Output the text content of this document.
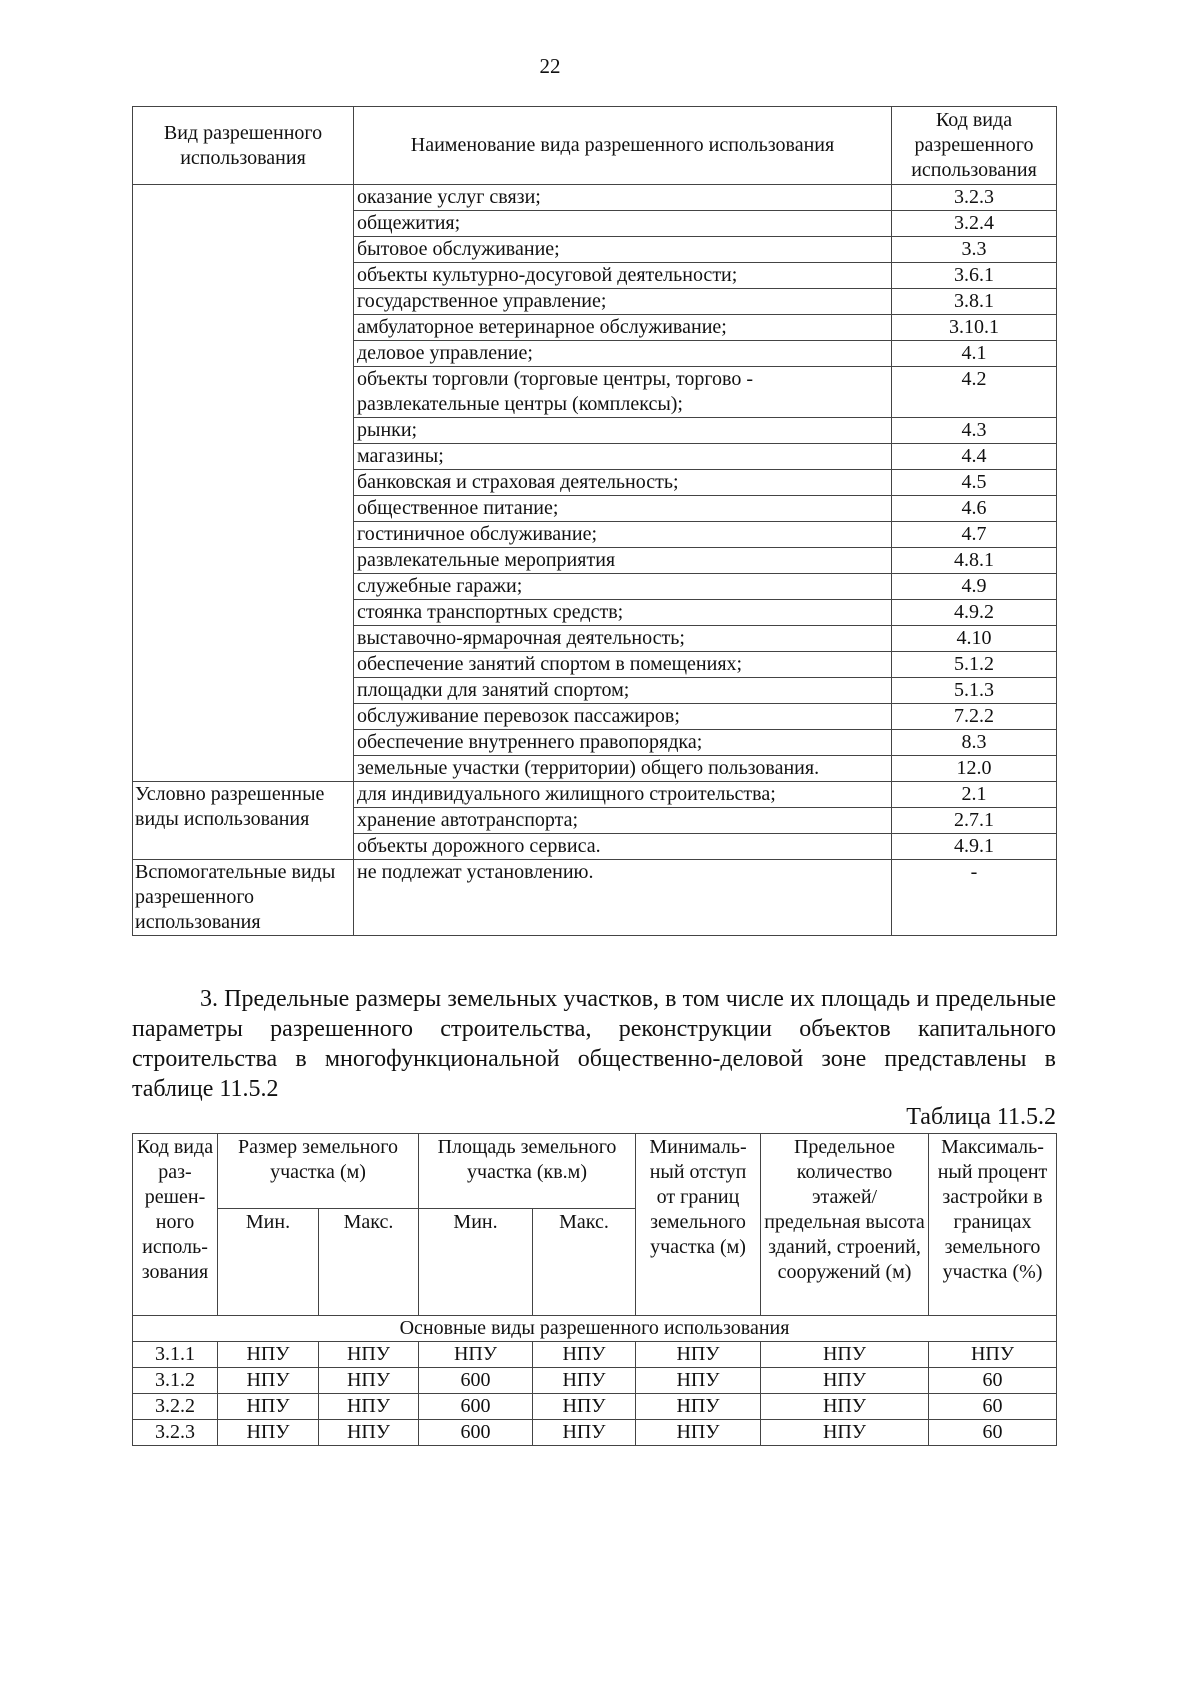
22
Вид разрешенного использования	Наименование вида разрешенного использования	Код вида разрешенного использования
	оказание услуг связи;	3.2.3
	общежития;	3.2.4
	бытовое обслуживание;	3.3
	объекты культурно-досуговой деятельности;	3.6.1
	государственное управление;	3.8.1
	амбулаторное ветеринарное обслуживание;	3.10.1
	деловое управление;	4.1
	объекты торговли (торговые центры, торгово - развлекательные центры (комплексы);	4.2
	рынки;	4.3
	магазины;	4.4
	банковская и страховая деятельность;	4.5
	общественное питание;	4.6
	гостиничное обслуживание;	4.7
	развлекательные мероприятия	4.8.1
	служебные гаражи;	4.9
	стоянка транспортных средств;	4.9.2
	выставочно-ярмарочная деятельность;	4.10
	обеспечение занятий спортом в помещениях;	5.1.2
	площадки для занятий спортом;	5.1.3
	обслуживание перевозок пассажиров;	7.2.2
	обеспечение внутреннего правопорядка;	8.3
	земельные участки (территории) общего пользования.	12.0
Условно разрешенные виды использования	для индивидуального жилищного строительства;	2.1
	хранение автотранспорта;	2.7.1
	объекты дорожного сервиса.	4.9.1
Вспомогательные виды разрешенного использования	не подлежат установлению.	-
3. Предельные размеры земельных участков, в том числе их площадь и предельные параметры разрешенного строительства, реконструкции объектов капитального строительства в многофункциональной общественно-деловой зоне представлены в таблице 11.5.2
Таблица 11.5.2
Код вида раз-решен-ного исполь-зования	Размер земельного участка (м)		Площадь земельного участка (кв.м)		Минималь-ный отступ от границ земельного участка (м)	Предельное количество этажей/ предельная высота зданий, строений, сооружений (м)	Максималь-ный процент застройки в границах земельного участка (%)
	Мин.	Макс.	Мин.	Макс.			
Основные виды разрешенного использования							
3.1.1	НПУ	НПУ	НПУ	НПУ	НПУ	НПУ	НПУ
3.1.2	НПУ	НПУ	600	НПУ	НПУ	НПУ	60
3.2.2	НПУ	НПУ	600	НПУ	НПУ	НПУ	60
3.2.3	НПУ	НПУ	600	НПУ	НПУ	НПУ	60
